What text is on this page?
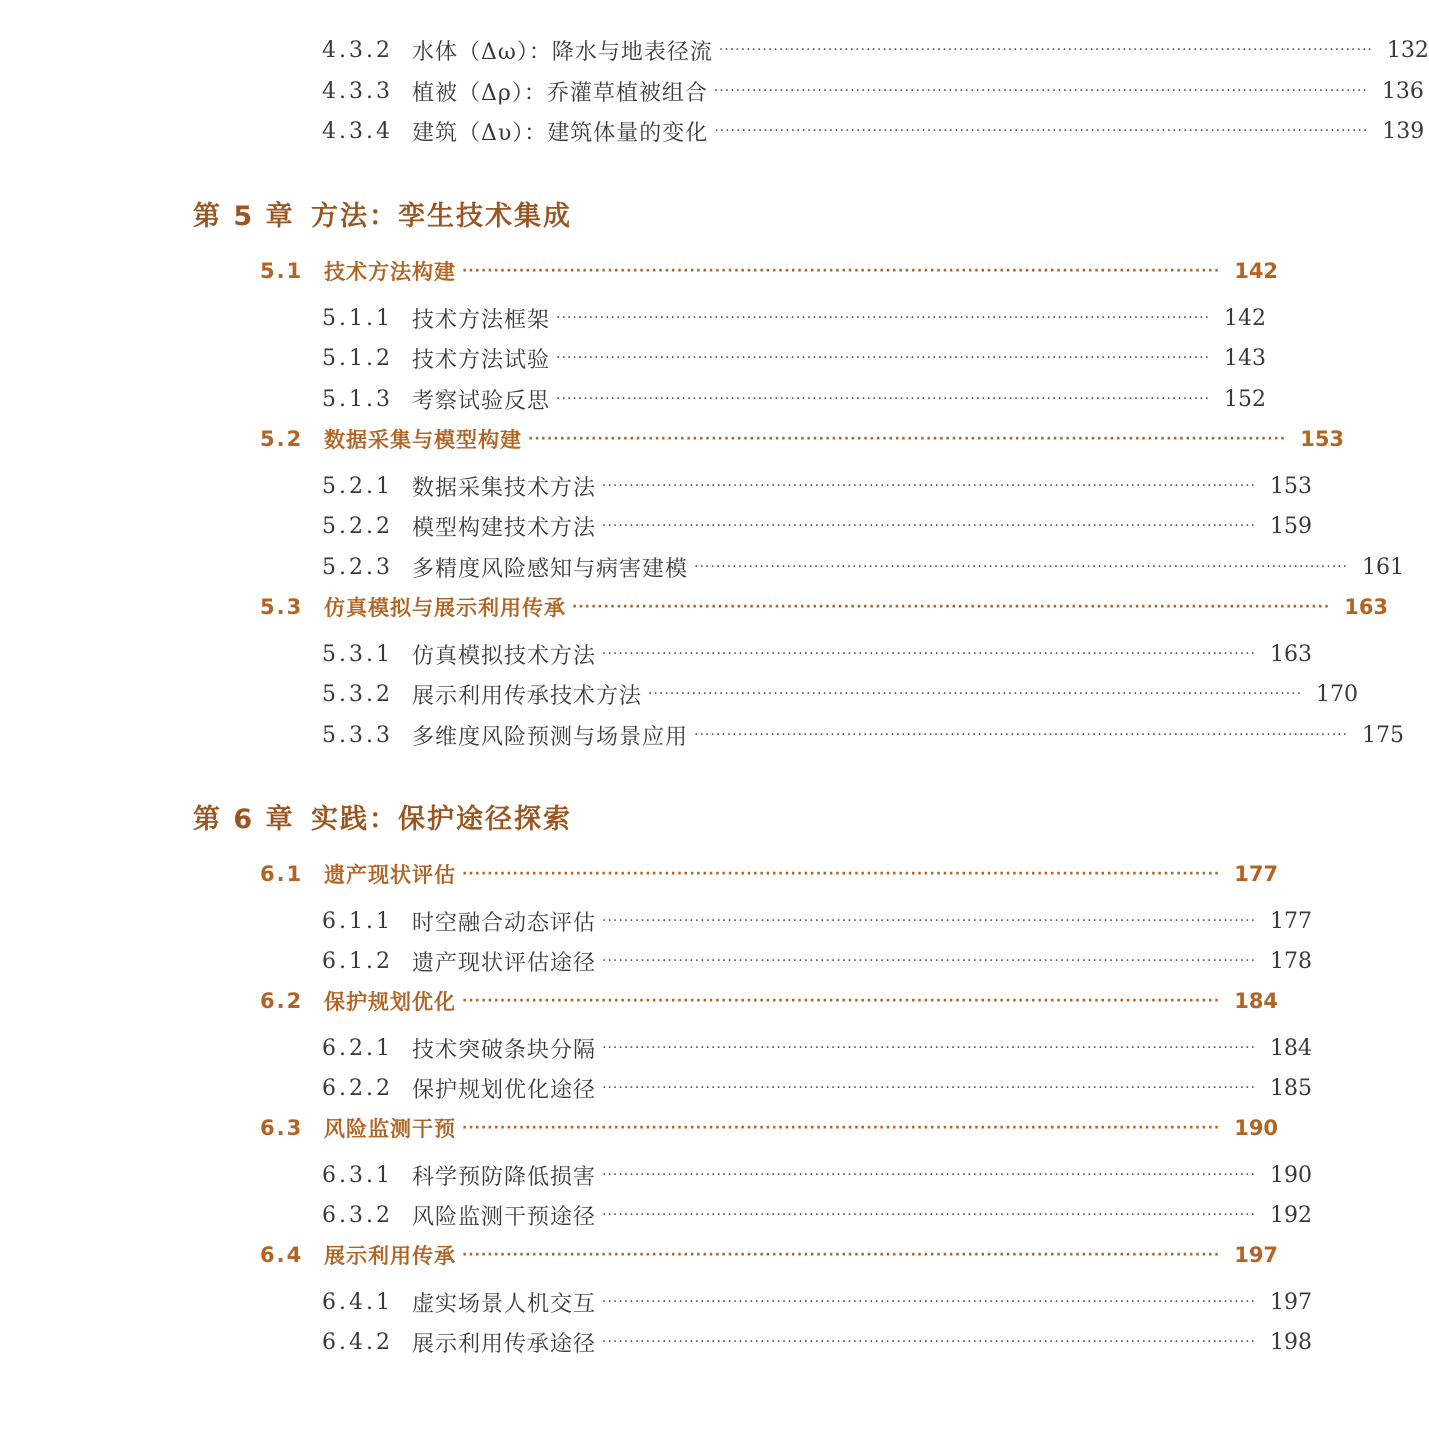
4.3.2 水体（Δω）：降水与地表径流 ························································································································ 132
4.3.3 植被（Δρ）：乔灌草植被组合 ························································································································ 136
4.3.4 建筑（Δυ）：建筑体量的变化 ························································································································ 139
第 5 章 方法：孪生技术集成
5.1 技术方法构建 ························································································································ 142
5.1.1 技术方法框架 ························································································································ 142
5.1.2 技术方法试验 ························································································································ 143
5.1.3 考察试验反思 ························································································································ 152
5.2 数据采集与模型构建 ························································································································ 153
5.2.1 数据采集技术方法 ························································································································ 153
5.2.2 模型构建技术方法 ························································································································ 159
5.2.3 多精度风险感知与病害建模 ························································································································ 161
5.3 仿真模拟与展示利用传承 ························································································································ 163
5.3.1 仿真模拟技术方法 ························································································································ 163
5.3.2 展示利用传承技术方法 ························································································································ 170
5.3.3 多维度风险预测与场景应用 ························································································································ 175
第 6 章 实践：保护途径探索
6.1 遗产现状评估 ························································································································ 177
6.1.1 时空融合动态评估 ························································································································ 177
6.1.2 遗产现状评估途径 ························································································································ 178
6.2 保护规划优化 ························································································································ 184
6.2.1 技术突破条块分隔 ························································································································ 184
6.2.2 保护规划优化途径 ························································································································ 185
6.3 风险监测干预 ························································································································ 190
6.3.1 科学预防降低损害 ························································································································ 190
6.3.2 风险监测干预途径 ························································································································ 192
6.4 展示利用传承 ························································································································ 197
6.4.1 虚实场景人机交互 ························································································································ 197
6.4.2 展示利用传承途径 ························································································································ 198
